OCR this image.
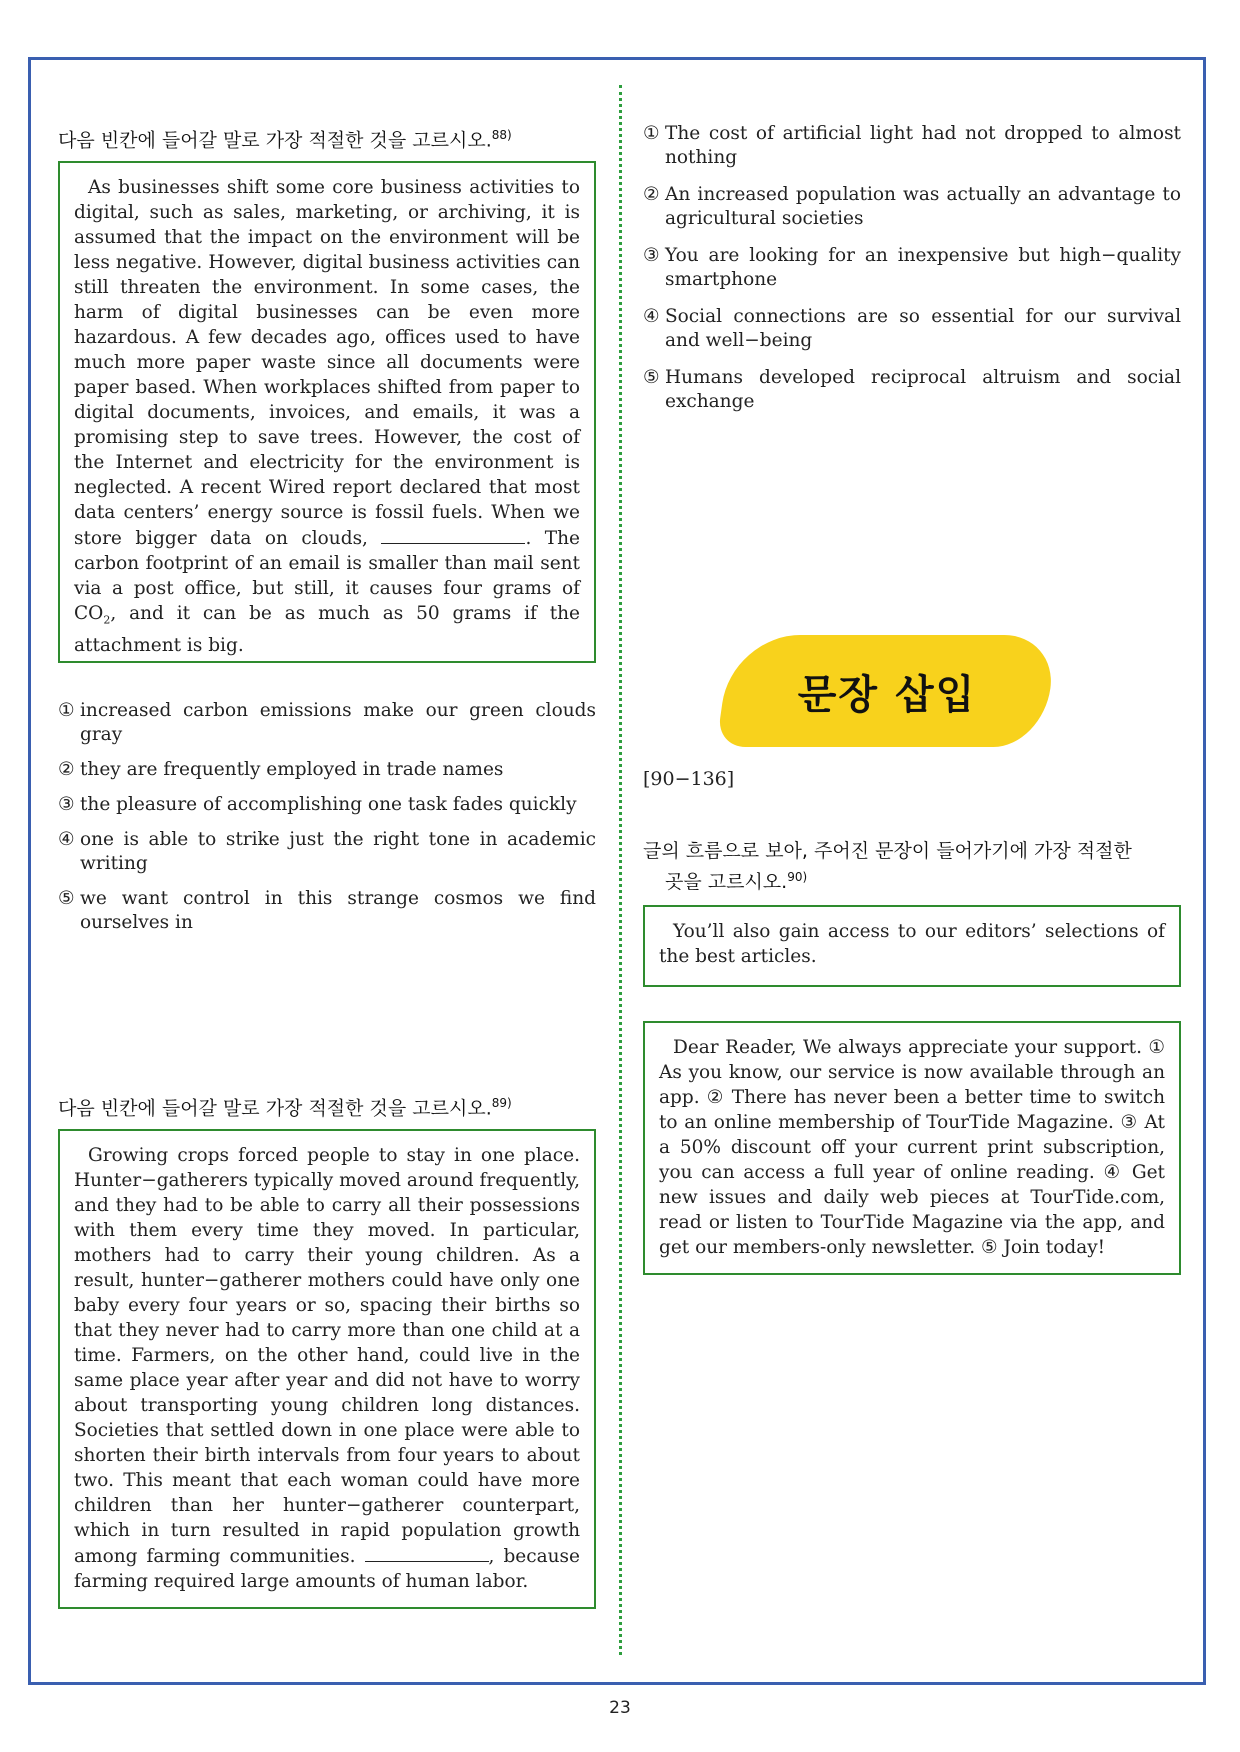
다음 빈칸에 들어갈 말로 가장 적절한 것을 고르시오.$^{88)}$

As businesses shift some core business activities to digital, such as sales, marketing, or archiving, it is assumed that the impact on the environment will be less negative. However, digital business activities can still threaten the environment. In some cases, the harm of digital businesses can be even more hazardous. A few decades ago, offices used to have much more paper waste since all documents were paper based. When workplaces shifted from paper to digital documents, invoices, and emails, it was a promising step to save trees. However, the cost of the Internet and electricity for the environment is neglected. A recent Wired report declared that most data centers’ energy source is fossil fuels. When we store bigger data on clouds,	. The carbon footprint of an email is smaller than mail sent via a post office, but still, it causes four grams of $CO_2$, and it can be as much as 50 grams if the attachment is big.

① increased carbon emissions make our green clouds gray
② they are frequently employed in trade names
③ the pleasure of accomplishing one task fades quickly
④ one is able to strike just the right tone in academic writing
⑤ we want control in this strange cosmos we find ourselves in

다음 빈칸에 들어갈 말로 가장 적절한 것을 고르시오.$^{89)}$

Growing crops forced people to stay in one place. Hunter−gatherers typically moved around frequently, and they had to be able to carry all their possessions with them every time they moved. In particular, mothers had to carry their young children. As a result, hunter−gatherer mothers could have only one baby every four years or so, spacing their births so that they never had to carry more than one child at a time. Farmers, on the other hand, could live in the same place year after year and did not have to worry about transporting young children long distances. Societies that settled down in one place were able to shorten their birth intervals from four years to about two. This meant that each woman could have more children than her hunter−gatherer counterpart, which in turn resulted in rapid population growth among farming communities.	, because farming required large amounts of human labor.

① The cost of artificial light had not dropped to almost nothing
② An increased population was actually an advantage to agricultural societies
③ You are looking for an inexpensive but high−quality smartphone
④ Social connections are so essential for our survival and well−being
⑤ Humans developed reciprocal altruism and social exchange
문장 삽입
[90−136]

글의 흐름으로 보아, 주어진 문장이 들어가기에 가장 적절한
곳을 고르시오.$^{90)}$

You’ll also gain access to our editors’ selections of the best articles.

Dear Reader, We always appreciate your support. ① As you know, our service is now available through an app. ② There has never been a better time to switch to an online membership of TourTide Magazine. ③ At a 50% discount off your current print subscription, you can access a full year of online reading. ④ Get new issues and daily web pieces at TourTide.com, read or listen to TourTide Magazine via the app, and get our members-only newsletter. ⑤ Join today!

23
